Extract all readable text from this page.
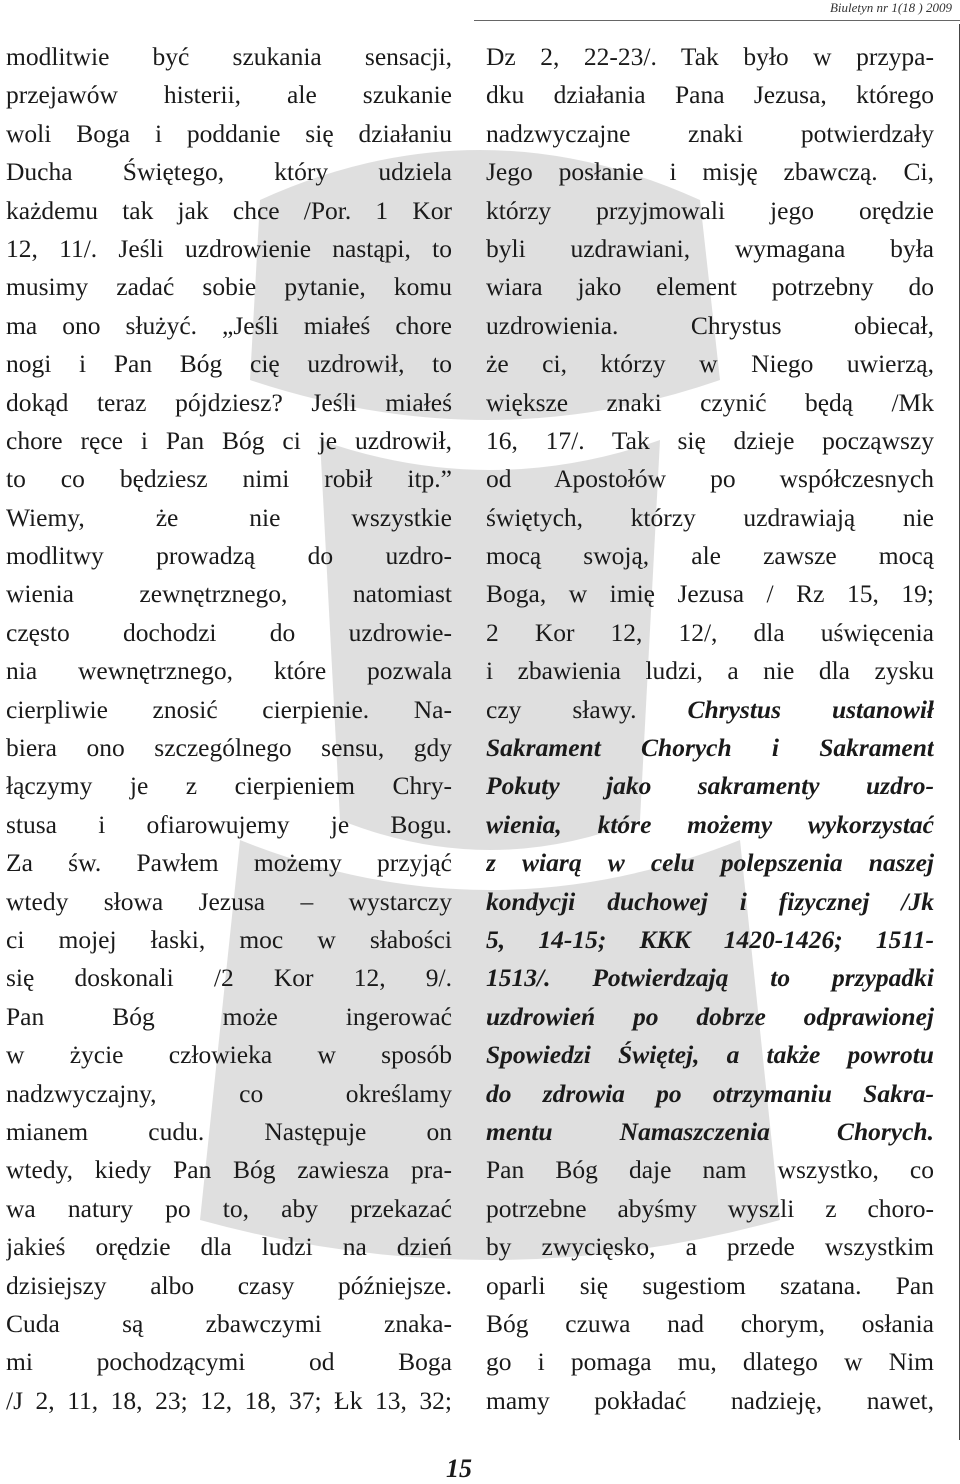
Biuletyn nr 1(18 ) 2009
modlitwie być szukania sensacji,
przejawów histerii, ale szukanie
woli Boga i poddanie się działaniu
Ducha Świętego, który udziela
każdemu tak jak chce /Por. 1 Kor
12, 11/. Jeśli uzdrowienie nastąpi, to
musimy zadać sobie pytanie, komu
ma ono służyć. „Jeśli miałeś chore
nogi i Pan Bóg cię uzdrowił, to
dokąd teraz pójdziesz? Jeśli miałeś
chore ręce i Pan Bóg ci je uzdrowił,
to co będziesz nimi robił itp.”
Wiemy, że nie wszystkie
modlitwy prowadzą do uzdro-
wienia zewnętrznego, natomiast
często dochodzi do uzdrowie-
nia wewnętrznego, które pozwala
cierpliwie znosić cierpienie. Na-
biera ono szczególnego sensu, gdy
łączymy je z cierpieniem Chry-
stusa i ofiarowujemy je Bogu.
Za św. Pawłem możemy przyjąć
wtedy słowa Jezusa – wystarczy
ci mojej łaski, moc w słabości
się doskonali /2 Kor 12, 9/.
Pan Bóg może ingerować
w życie człowieka w sposób
nadzwyczajny, co określamy
mianem cudu. Następuje on
wtedy, kiedy Pan Bóg zawiesza pra-
wa natury po to, aby przekazać
jakieś orędzie dla ludzi na dzień
dzisiejszy albo czasy późniejsze.
Cuda są zbawczymi znaka-
mi pochodzącymi od Boga
/J 2, 11, 18, 23; 12, 18, 37; Łk 13, 32;
Dz 2, 22-23/. Tak było w przypa-
dku działania Pana Jezusa, którego
nadzwyczajne znaki potwierdzały
Jego posłanie i misję zbawczą. Ci,
którzy przyjmowali jego orędzie
byli uzdrawiani, wymagana była
wiara jako element potrzebny do
uzdrowienia. Chrystus obiecał,
że ci, którzy w Niego uwierzą,
większe znaki czynić będą /Mk
16, 17/. Tak się dzieje począwszy
od Apostołów po współczesnych
świętych, którzy uzdrawiają nie
mocą swoją, ale zawsze mocą
Boga, w imię Jezusa / Rz 15, 19;
2 Kor 12, 12/, dla uświęcenia
i zbawienia ludzi, a nie dla zysku
czy sławy. Chrystus ustanowił
Sakrament Chorych i Sakrament
Pokuty jako sakramenty uzdro-
wienia, które możemy wykorzystać
z wiarą w celu polepszenia naszej
kondycji duchowej i fizycznej /Jk
5, 14-15; KKK 1420-1426; 1511-
1513/. Potwierdzają to przypadki
uzdrowień po dobrze odprawionej
Spowiedzi Świętej, a także powrotu
do zdrowia po otrzymaniu Sakra-
mentu Namaszczenia Chorych.
Pan Bóg daje nam wszystko, co
potrzebne abyśmy wyszli z choro-
by zwycięsko, a przede wszystkim
oparli się sugestiom szatana. Pan
Bóg czuwa nad chorym, osłania
go i pomaga mu, dlatego w Nim
mamy pokładać nadzieję, nawet,
15
